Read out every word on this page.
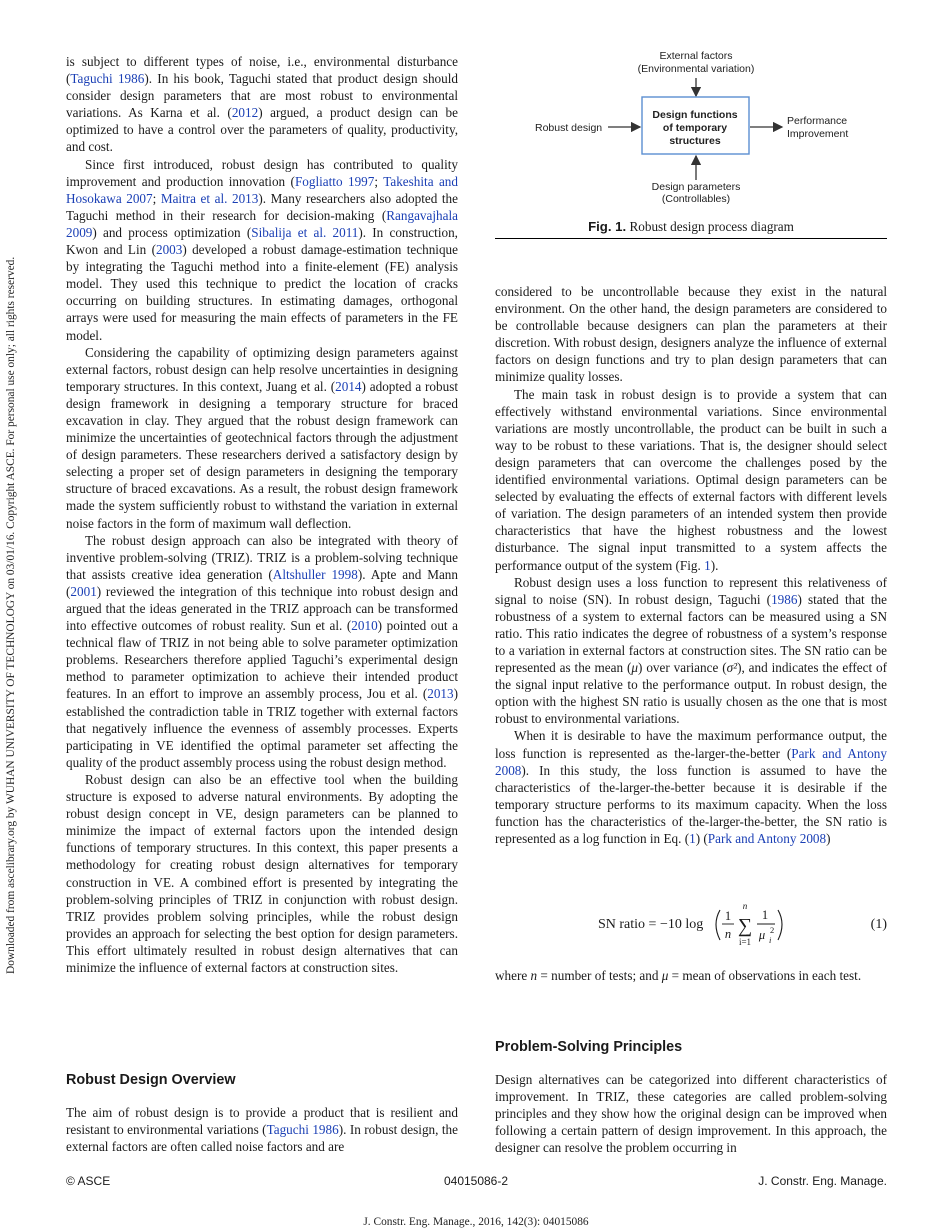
Downloaded from ascelibrary.org by WUHAN UNIVERSITY OF TECHNOLOGY on 03/01/16. Copyright ASCE. For personal use only; all rights reserved.

is subject to different types of noise, i.e., environmental disturbance (Taguchi 1986). In his book, Taguchi stated that product design should consider design parameters that are most robust to environmental variations. As Karna et al. (2012) argued, a product design can be optimized to have a control over the parameters of quality, productivity, and cost.

Since first introduced, robust design has contributed to quality improvement and production innovation (Fogliatto 1997; Takeshita and Hosokawa 2007; Maitra et al. 2013). Many researchers also adopted the Taguchi method in their research for decision-making (Rangavajhala 2009) and process optimization (Sibalija et al. 2011). In construction, Kwon and Lin (2003) developed a robust damage-estimation technique by integrating the Taguchi method into a finite-element (FE) analysis model. They used this technique to predict the location of cracks occurring on building structures. In estimating damages, orthogonal arrays were used for measuring the main effects of parameters in the FE model.

Considering the capability of optimizing design parameters against external factors, robust design can help resolve uncertainties in designing temporary structures. In this context, Juang et al. (2014) adopted a robust design framework in designing a temporary structure for braced excavation in clay. They argued that the robust design framework can minimize the uncertainties of geotechnical factors through the adjustment of design parameters. These researchers derived a satisfactory design by selecting a proper set of design parameters in designing the temporary structure of braced excavations. As a result, the robust design framework made the system sufficiently robust to withstand the variation in external noise factors in the form of maximum wall deflection.

The robust design approach can also be integrated with theory of inventive problem-solving (TRIZ). TRIZ is a problem-solving technique that assists creative idea generation (Altshuller 1998). Apte and Mann (2001) reviewed the integration of this technique into robust design and argued that the ideas generated in the TRIZ approach can be transformed into effective outcomes of robust reality. Sun et al. (2010) pointed out a technical flaw of TRIZ in not being able to solve parameter optimization problems. Researchers therefore applied Taguchi’s experimental design method to parameter optimization to achieve their intended product features. In an effort to improve an assembly process, Jou et al. (2013) established the contradiction table in TRIZ together with external factors that negatively influence the evenness of assembly processes. Experts participating in VE identified the optimal parameter set affecting the quality of the product assembly process using the robust design method.

Robust design can also be an effective tool when the building structure is exposed to adverse natural environments. By adopting the robust design concept in VE, design parameters can be planned to minimize the impact of external factors upon the intended design functions of temporary structures. In this context, this paper presents a methodology for creating robust design alternatives for temporary construction in VE. A combined effort is presented by integrating the problem-solving principles of TRIZ in conjunction with robust design. TRIZ provides problem solving principles, while the robust design provides an approach for selecting the best option for design parameters. This effort ultimately resulted in robust design alternatives that can minimize the influence of external factors at construction sites.

Robust Design Overview

The aim of robust design is to provide a product that is resilient and resistant to environmental variations (Taguchi 1986). In robust design, the external factors are often called noise factors and are

External factors
(Environmental variation)
Design functions
of temporary
structures
Robust design
Performance
Improvement
Design parameters
(Controllables)
Fig. 1. Robust design process diagram

considered to be uncontrollable because they exist in the natural environment. On the other hand, the design parameters are considered to be controllable because designers can plan the parameters at their discretion. With robust design, designers analyze the influence of external factors on design functions and try to plan design parameters that can minimize quality losses.

The main task in robust design is to provide a system that can effectively withstand environmental variations. Since environmental variations are mostly uncontrollable, the product can be built in such a way to be robust to these variations. That is, the designer should select design parameters that can overcome the challenges posed by the identified environmental variations. Optimal design parameters can be selected by evaluating the effects of external factors with different levels of variation. The design parameters of an intended system then provide characteristics that have the highest robustness and the lowest disturbance. The signal input transmitted to a system affects the performance output of the system (Fig. 1).

Robust design uses a loss function to represent this relativeness of signal to noise (SN). In robust design, Taguchi (1986) stated that the robustness of a system to external factors can be measured using a SN ratio. This ratio indicates the degree of robustness of a system’s response to a variation in external factors at construction sites. The SN ratio can be represented as the mean (μ) over variance (σ²), and indicates the effect of the signal input relative to the performance output. In robust design, the option with the highest SN ratio is usually chosen as the one that is most robust to environmental variations.

When it is desirable to have the maximum performance output, the loss function is represented as the-larger-the-better (Park and Antony 2008). In this study, the loss function is assumed to have the characteristics of the-larger-the-better because it is desirable if the temporary structure performs to its maximum capacity. When the loss function has the characteristics of the-larger-the-better, the SN ratio is represented as a log function in Eq. (1) (Park and Antony 2008)

SN ratio = −10 log
1
n
n
∑
i=1
1
μ 2
i
(1)

where n = number of tests; and μ = mean of observations in each test.

Problem-Solving Principles

Design alternatives can be categorized into different characteristics of improvement. In TRIZ, these categories are called problem-solving principles and they show how the original design can be improved when following a certain pattern of design improvement. In this approach, the designer can resolve the problem occurring in

© ASCE	04015086-2	J. Constr. Eng. Manage.
J. Constr. Eng. Manage., 2016, 142(3): 04015086
